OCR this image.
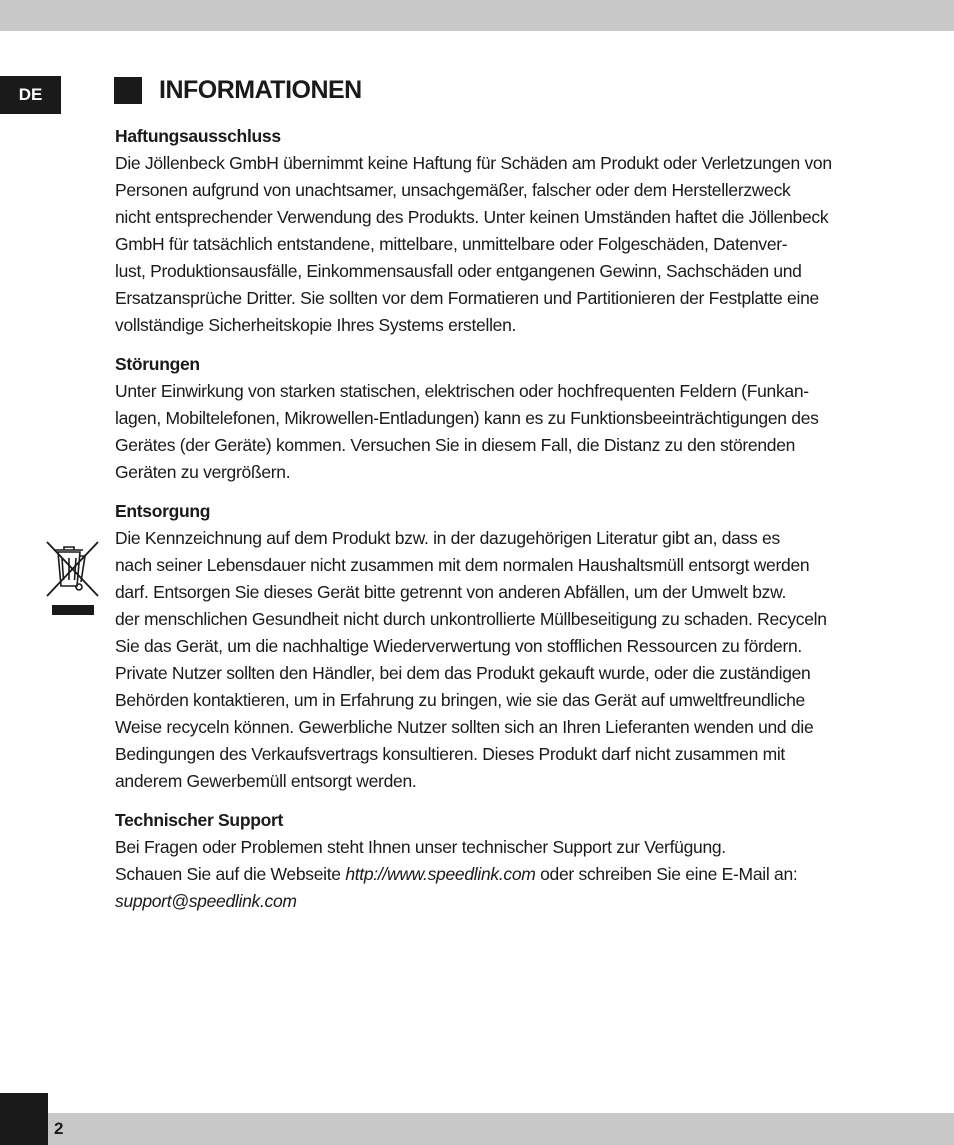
DE	INFORMATIONEN
Haftungsausschluss

Die Jöllenbeck GmbH übernimmt keine Haftung für Schäden am Produkt oder Verletzungen von
Personen aufgrund von unachtsamer, unsachgemäßer, falscher oder dem Herstellerzweck
nicht entsprechender Verwendung des Produkts. Unter keinen Umständen haftet die Jöllenbeck
GmbH für tatsächlich entstandene, mittelbare, unmittelbare oder Folgeschäden, Datenver-
lust, Produktionsausfälle, Einkommensausfall oder entgangenen Gewinn, Sachschäden und
Ersatzansprüche Dritter. Sie sollten vor dem Formatieren und Partitionieren der Festplatte eine
vollständige Sicherheitskopie Ihres Systems erstellen.

Störungen

Unter Einwirkung von starken statischen, elektrischen oder hochfrequenten Feldern (Funkan-
lagen, Mobiltelefonen, Mikrowellen-Entladungen) kann es zu Funktionsbeeinträchtigungen des
Gerätes (der Geräte) kommen. Versuchen Sie in diesem Fall, die Distanz zu den störenden
Geräten zu vergrößern.

Entsorgung

Die Kennzeichnung auf dem Produkt bzw. in der dazugehörigen Literatur gibt an, dass es
nach seiner Lebensdauer nicht zusammen mit dem normalen Haushaltsmüll entsorgt werden
darf. Entsorgen Sie dieses Gerät bitte getrennt von anderen Abfällen, um der Umwelt bzw.
der menschlichen Gesundheit nicht durch unkontrollierte Müllbeseitigung zu schaden. Recyceln
Sie das Gerät, um die nachhaltige Wiederverwertung von stofflichen Ressourcen zu fördern.
Private Nutzer sollten den Händler, bei dem das Produkt gekauft wurde, oder die zuständigen
Behörden kontaktieren, um in Erfahrung zu bringen, wie sie das Gerät auf umweltfreundliche
Weise recyceln können. Gewerbliche Nutzer sollten sich an Ihren Lieferanten wenden und die
Bedingungen des Verkaufsvertrags konsultieren. Dieses Produkt darf nicht zusammen mit
anderem Gewerbemüll entsorgt werden.

Technischer Support

Bei Fragen oder Problemen steht Ihnen unser technischer Support zur Verfügung.
Schauen Sie auf die Webseite http://www.speedlink.com oder schreiben Sie eine E-Mail an:
support@speedlink.com

2
